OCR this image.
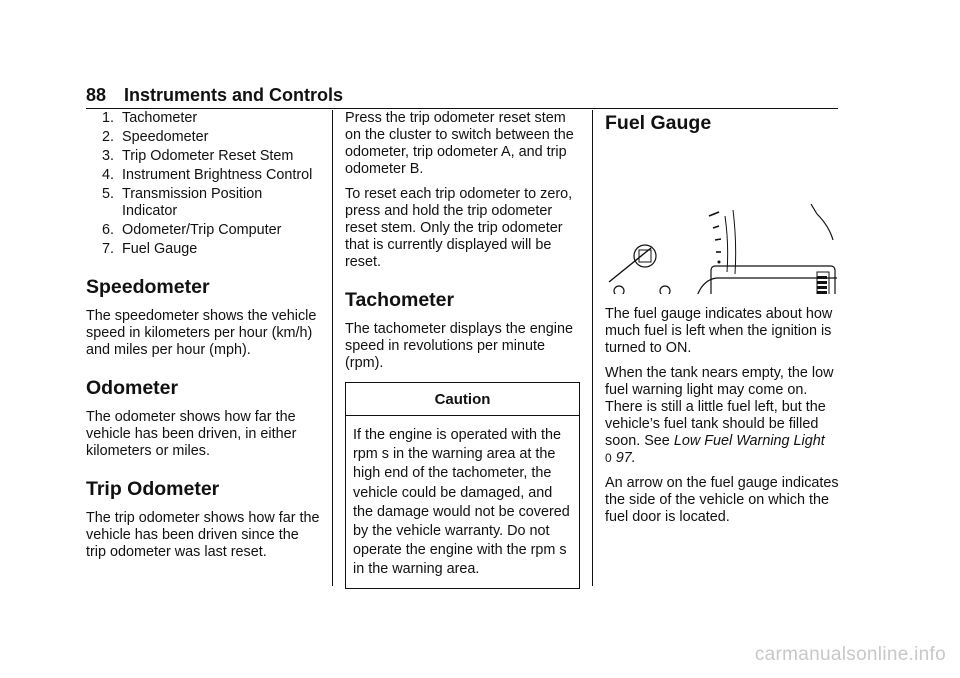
88 Instruments and Controls
1. Tachometer
2. Speedometer
3. Trip Odometer Reset Stem
4. Instrument Brightness Control
5. Transmission Position Indicator
6. Odometer/Trip Computer
7. Fuel Gauge
Speedometer

The speedometer shows the vehicle speed in kilometers per hour (km/h) and miles per hour (mph).

Odometer

The odometer shows how far the vehicle has been driven, in either kilometers or miles.

Trip Odometer

The trip odometer shows how far the vehicle has been driven since the trip odometer was last reset.

Press the trip odometer reset stem on the cluster to switch between the odometer, trip odometer A, and trip odometer B.

To reset each trip odometer to zero, press and hold the trip odometer reset stem. Only the trip odometer that is currently displayed will be reset.

Tachometer

The tachometer displays the engine speed in revolutions per minute (rpm).

Caution
If the engine is operated with the rpm s in the warning area at the high end of the tachometer, the vehicle could be damaged, and the damage would not be covered by the vehicle warranty. Do not operate the engine with the rpm s in the warning area.
Fuel Gauge

The fuel gauge indicates about how much fuel is left when the ignition is turned to ON.

When the tank nears empty, the low fuel warning light may come on. There is still a little fuel left, but the vehicle’s fuel tank should be filled soon. See Low Fuel Warning Light
0 97.

An arrow on the fuel gauge indicates the side of the vehicle on which the fuel door is located.

carmanualsonline.info
